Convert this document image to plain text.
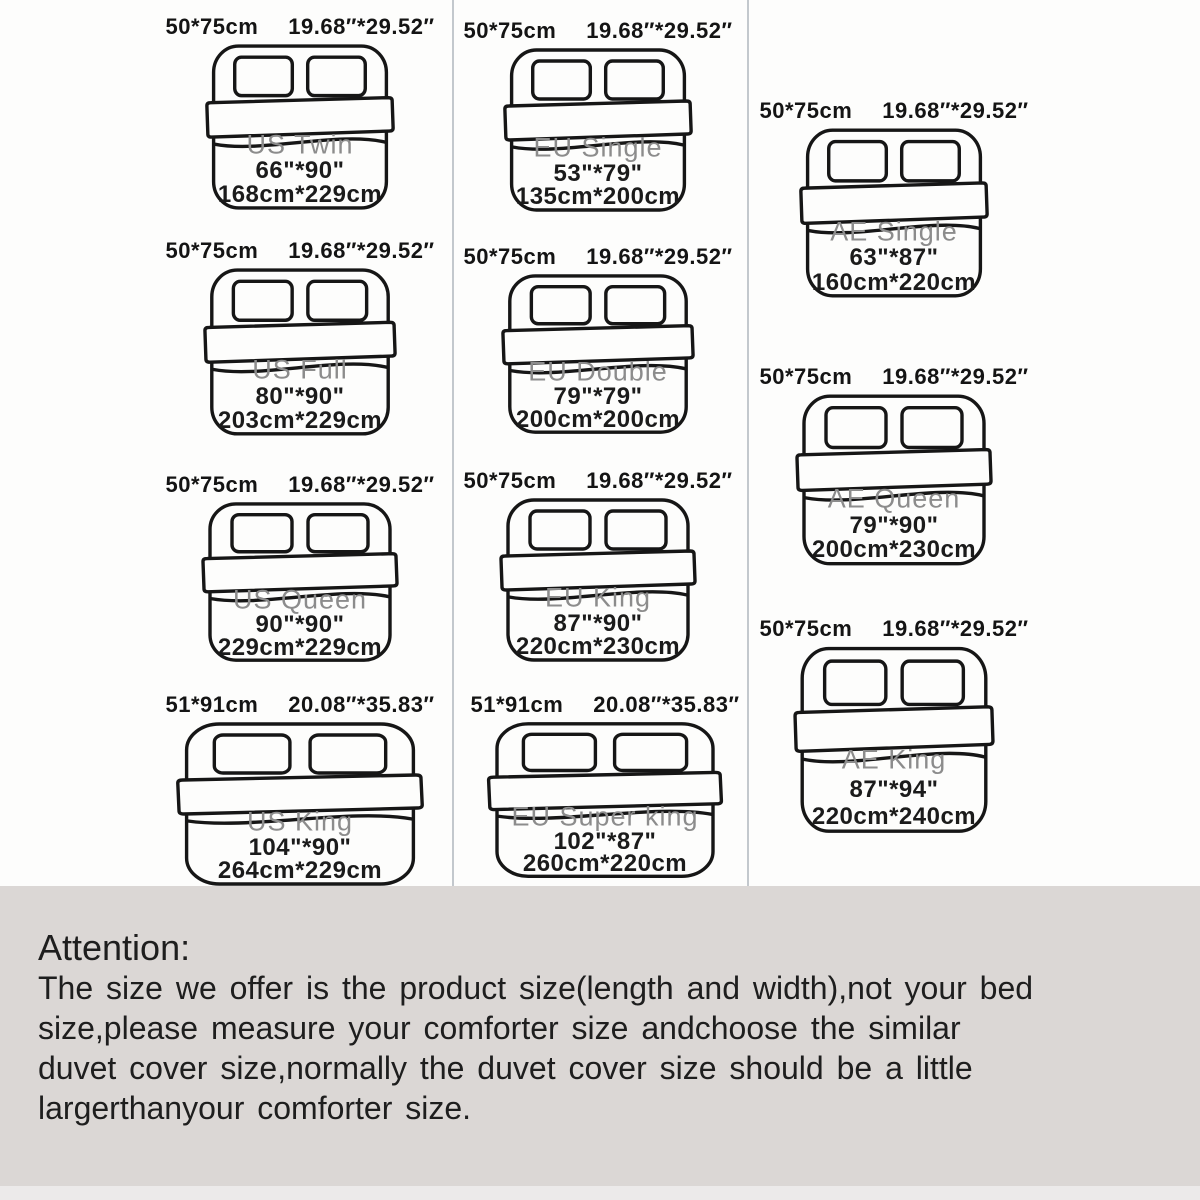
50*75cm 19.68″*29.52″
US Twin
66"*90"
168cm*229cm
50*75cm 19.68″*29.52″
EU Single
53"*79"
135cm*200cm
50*75cm 19.68″*29.52″
AE Single
63"*87"
160cm*220cm
50*75cm 19.68″*29.52″
US Full
80"*90"
203cm*229cm
50*75cm 19.68″*29.52″
EU Double
79"*79"
200cm*200cm
50*75cm 19.68″*29.52″
AE Queen
79"*90"
200cm*230cm
50*75cm 19.68″*29.52″
US Queen
90"*90"
229cm*229cm
50*75cm 19.68″*29.52″
EU King
87"*90"
220cm*230cm
50*75cm 19.68″*29.52″
AE King
87"*94"
220cm*240cm
51*91cm 20.08″*35.83″
US King
104"*90"
264cm*229cm
51*91cm 20.08″*35.83″
EU Super king
102"*87"
260cm*220cm
Attention:
The size we offer is the product size(length and width),not your bed
size,please measure your comforter size andchoose the similar
duvet cover size,normally the duvet cover size should be a little
largerthanyour comforter size.
